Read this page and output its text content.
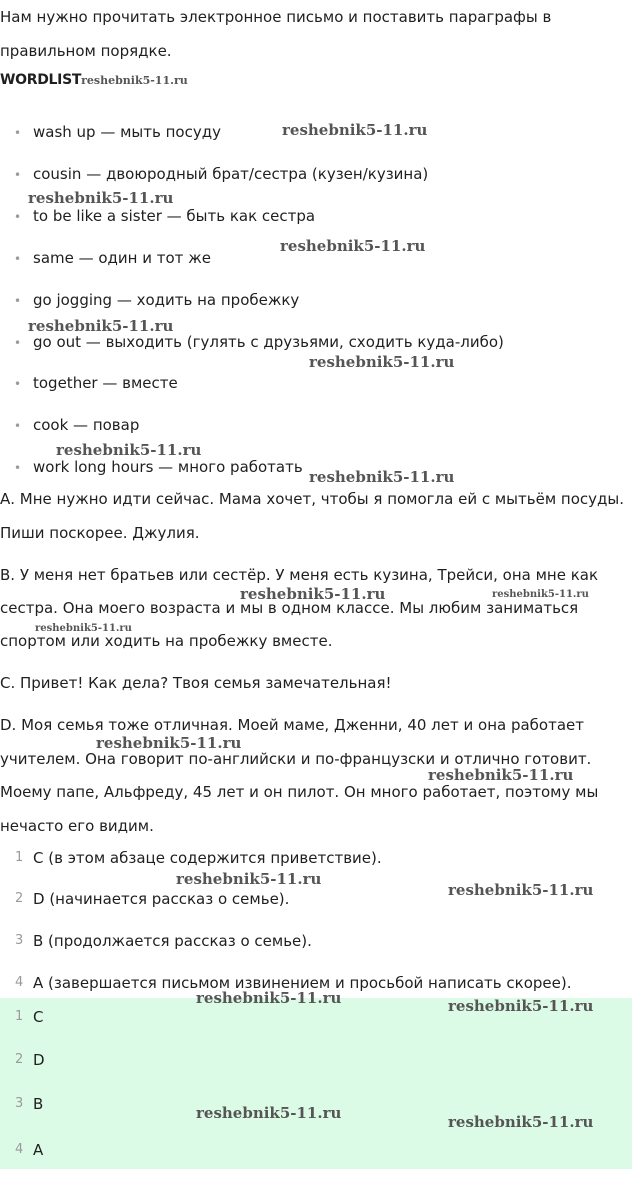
Нам нужно прочитать электронное письмо и поставить параграфы в
правильном порядке.
WORDLISTreshebnik5-11.ru
• wash up — мыть посуду
• cousin — двоюродный брат/сестра (кузен/кузина)
• to be like a sister — быть как сестра
• same — один и тот же
• go jogging — ходить на пробежку
• go out — выходить (гулять с друзьями, сходить куда-либо)
• together — вместе
• cook — повар
• work long hours — много работать
А. Мне нужно идти сейчас. Мама хочет, чтобы я помогла ей с мытьём посуды.
Пиши поскорее. Джулия.
В. У меня нет братьев или сестёр. У меня есть кузина, Трейси, она мне как
сестра. Она моего возраста и мы в одном классе. Мы любим заниматься
спортом или ходить на пробежку вместе.
С. Привет! Как дела? Твоя семья замечательная!
D. Моя семья тоже отличная. Моей маме, Дженни, 40 лет и она работает
учителем. Она говорит по-английски и по-французски и отлично готовит.
Моему папе, Альфреду, 45 лет и он пилот. Он много работает, поэтому мы
нечасто его видим.
1 С (в этом абзаце содержится приветствие).
2 D (начинается рассказ о семье).
3 В (продолжается рассказ о семье).
4 А (завершается письмом извинением и просьбой написать скорее).
1 С
2 D
3 В
4 А
reshebnik5-11.ru
reshebnik5-11.ru
reshebnik5-11.ru
reshebnik5-11.ru
reshebnik5-11.ru
reshebnik5-11.ru
reshebnik5-11.ru
reshebnik5-11.ru	reshebnik5-11.ru
reshebnik5-11.ru
reshebnik5-11.ru
reshebnik5-11.ru
reshebnik5-11.ru
reshebnik5-11.ru
reshebnik5-11.ru	reshebnik5-11.ru
reshebnik5-11.ru	reshebnik5-11.ru
